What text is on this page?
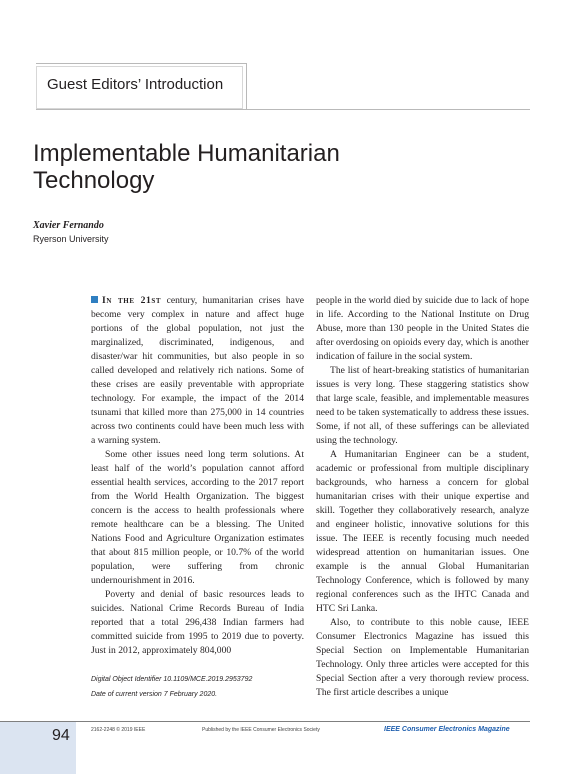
Guest Editors’ Introduction
Implementable Humanitarian
Technology
Xavier Fernando
Ryerson University

In the 21st century, humanitarian crises have become very complex in nature and affect huge portions of the global population, not just the marginalized, discriminated, indigenous, and disaster/war hit communities, but also people in so called developed and relatively rich nations. Some of these crises are easily preventable with appropriate technology. For example, the impact of the 2014 tsunami that killed more than 275,000 in 14 countries across two continents could have been much less with a warning system.

Some other issues need long term solutions. At least half of the world’s population cannot afford essential health services, according to the 2017 report from the World Health Organization. The biggest concern is the access to health professionals where remote healthcare can be a blessing. The United Nations Food and Agriculture Organization estimates that about 815 million people, or 10.7% of the world population, were suffering from chronic undernourishment in 2016.

Poverty and denial of basic resources leads to suicides. National Crime Records Bureau of India reported that a total 296,438 Indian farmers had committed suicide from 1995 to 2019 due to poverty. Just in 2012, approximately 804,000

people in the world died by suicide due to lack of hope in life. According to the National Institute on Drug Abuse, more than 130 people in the United States die after overdosing on opioids every day, which is another indication of failure in the social system.

The list of heart-breaking statistics of humanitarian issues is very long. These staggering statistics show that large scale, feasible, and implementable measures need to be taken systematically to address these issues. Some, if not all, of these sufferings can be alleviated using the technology.

A Humanitarian Engineer can be a student, academic or professional from multiple disciplinary backgrounds, who harness a concern for global humanitarian crises with their unique expertise and skill. Together they collaboratively research, analyze and engineer holistic, innovative solutions for this issue. The IEEE is recently focusing much needed widespread attention on humanitarian issues. One example is the annual Global Humanitarian Technology Conference, which is followed by many regional conferences such as the IHTC Canada and HTC Sri Lanka.

Also, to contribute to this noble cause, IEEE Consumer Electronics Magazine has issued this Special Section on Implementable Humanitarian Technology. Only three articles were accepted for this Special Section after a very thorough review process. The first article describes a unique

Digital Object Identifier 10.1109/MCE.2019.2953792
Date of current version 7 February 2020.
94	2162-2248 © 2019 IEEE	Published by the IEEE Consumer Electronics Society	IEEE Consumer Electronics Magazine
